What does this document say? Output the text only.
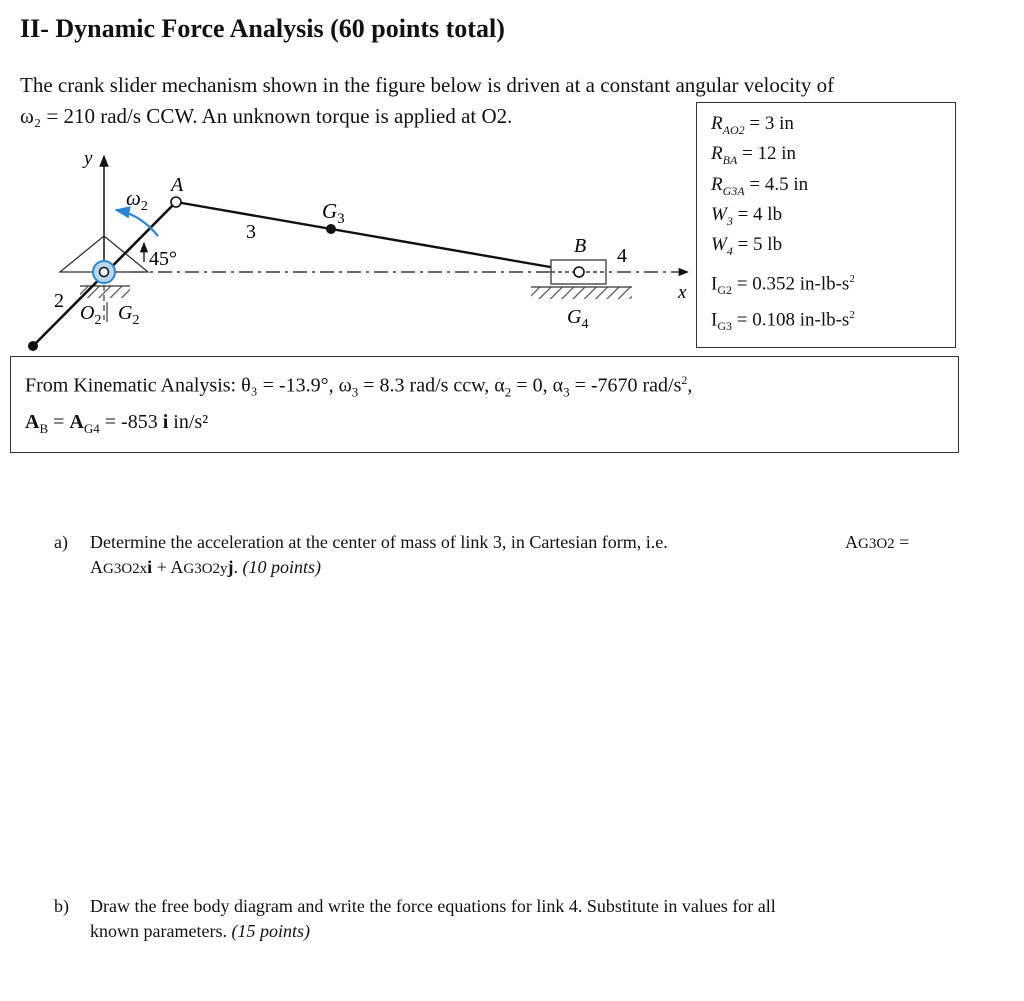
II- Dynamic Force Analysis (60 points total)
The crank slider mechanism shown in the figure below is driven at a constant angular velocity of
ω₂ = 210 rad/s CCW. An unknown torque is applied at O2.
y
x
$\omega_2$
45°
A
$G_3$
3
B 4
2
$O_2$ $G_2$	$G_4$
$R_{AO2} = 3$ in
$R_{BA} = 12$ in
$R_{G3A} = 4.5$ in
$W_3 = 4$ lb
$W_4 = 5$ lb
$I_{G2} = 0.352$ $in-lb-s^2$
$I_{G3} = 0.108$ $in-lb-s^2$
From Kinematic Analysis: θ₃ = -13.9°, $\omega_3 = 8.3$ rad/s ccw, $\alpha_2 = 0$, $\alpha_3 = -7670$ rad/$s^2$,
$A_B = A_{G4} = -853$ i in/s²
a) Determine the acceleration at the center of mass of link 3, in Cartesian form, i.e.
AG3O2xi + AG3O2yj. (10 points)
AG3O2 =
b) Draw the free body diagram and write the force equations for link 4. Substitute in values for all
known parameters. (15 points)
